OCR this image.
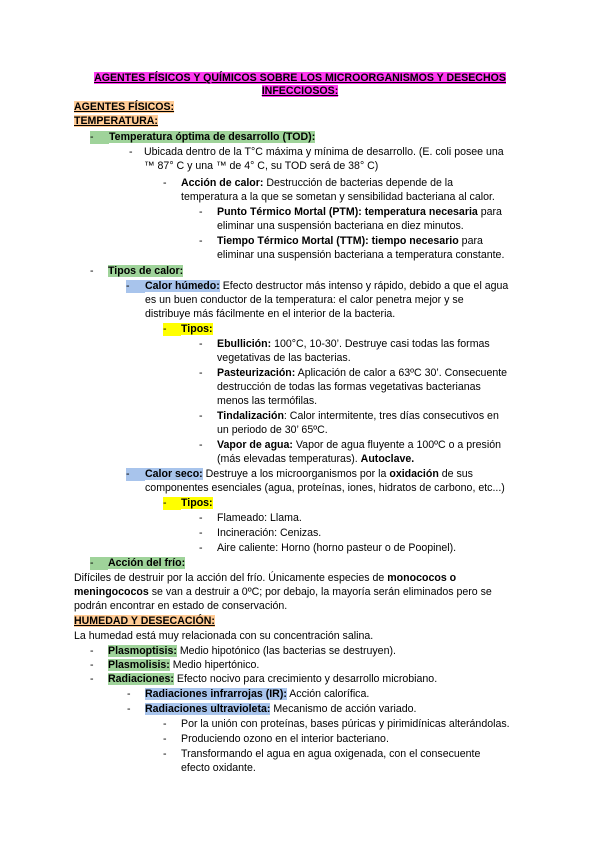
AGENTES FÍSICOS Y QUÍMICOS SOBRE LOS MICROORGANISMOS Y DESECHOS
INFECCIOSOS:
AGENTES FÍSICOS:
TEMPERATURA:
-	Temperatura óptima de desarrollo (TOD):
- Ubicada dentro de la T°C máxima y mínima de desarrollo. (E. coli posee una
™ 87° C y una ™ de 4° C, su TOD será de 38° C)
- Acción de calor: Destrucción de bacterias depende de la
temperatura a la que se sometan y sensibilidad bacteriana al calor.
- Punto Térmico Mortal (PTM): temperatura necesaria para
eliminar una suspensión bacteriana en diez minutos.
- Tiempo Térmico Mortal (TTM): tiempo necesario para
eliminar una suspensión bacteriana a temperatura constante.
- Tipos de calor:
-	Calor húmedo: Efecto destructor más intenso y rápido, debido a que el agua
es un buen conductor de la temperatura: el calor penetra mejor y se
distribuye más fácilmente en el interior de la bacteria.
-	Tipos:
- Ebullición: 100°C, 10-30’. Destruye casi todas las formas
vegetativas de las bacterias.
- Pasteurización: Aplicación de calor a 63ºC 30’. Consecuente
destrucción de todas las formas vegetativas bacterianas
menos las termófilas.
- Tindalización: Calor intermitente, tres días consecutivos en
un periodo de 30’ 65ºC.
- Vapor de agua: Vapor de agua fluyente a 100ºC o a presión
(más elevadas temperaturas). Autoclave.
-	Calor seco: Destruye a los microorganismos por la oxidación de sus
componentes esenciales (agua, proteínas, iones, hidratos de carbono, etc...)
-	Tipos:
- Flameado: Llama.
- Incineración: Cenizas.
- Aire caliente: Horno (horno pasteur o de Poopinel).
-	Acción del frío:
Difíciles de destruir por la acción del frío. Únicamente especies de monococos o
meningococos se van a destruir a 0ºC; por debajo, la mayoría serán eliminados pero se
podrán encontrar en estado de conservación.
HUMEDAD Y DESECACIÓN:
La humedad está muy relacionada con su concentración salina.
- Plasmoptisis: Medio hipotónico (las bacterias se destruyen).
- Plasmolisis: Medio hipertónico.
- Radiaciones: Efecto nocivo para crecimiento y desarrollo microbiano.
- Radiaciones infrarrojas (IR): Acción calorífica.
- Radiaciones ultravioleta: Mecanismo de acción variado.
- Por la unión con proteínas, bases púricas y pirimidínicas alterándolas.
- Produciendo ozono en el interior bacteriano.
- Transformando el agua en agua oxigenada, con el consecuente
efecto oxidante.
